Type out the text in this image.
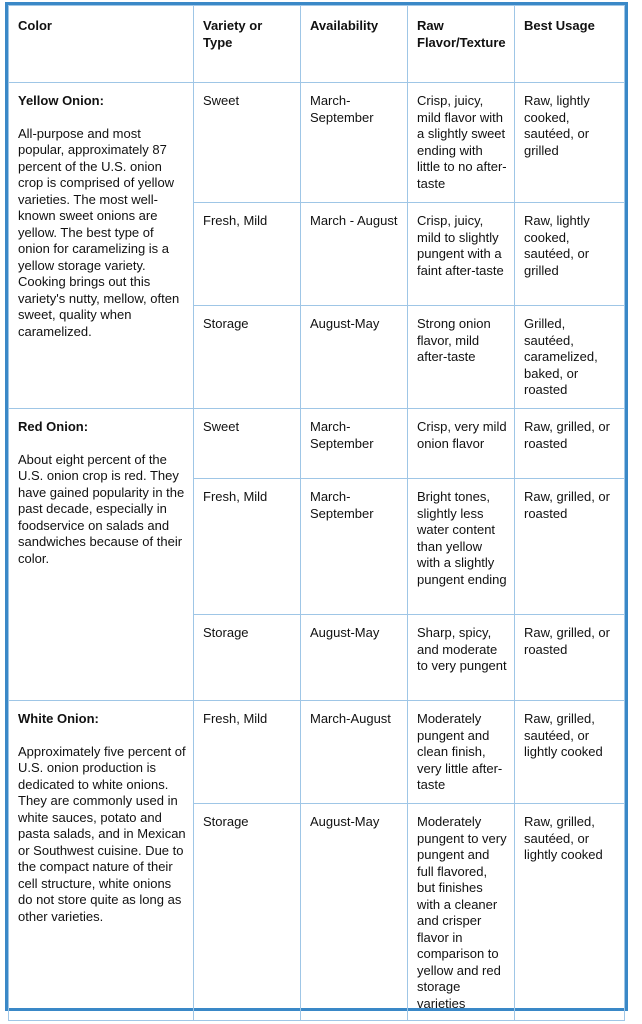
Color	Variety or Type	Availability	Raw Flavor/Texture	Best Usage

Yellow Onion:
All-purpose and most popular, approximately 87 percent of the U.S. onion crop is comprised of yellow varieties. The most well-known sweet onions are yellow. The best type of onion for caramelizing is a yellow storage variety. Cooking brings out this variety's nutty, mellow, often sweet, quality when caramelized.	Sweet	March-September	Crisp, juicy, mild flavor with a slightly sweet ending with little to no after-taste	Raw, lightly cooked, sautéed, or grilled
	Fresh, Mild	March - August	Crisp, juicy, mild to slightly pungent with a faint after-taste	Raw, lightly cooked, sautéed, or grilled
	Storage	August-May	Strong onion flavor, mild after-taste	Grilled, sautéed, caramelized, baked, or roasted

Red Onion:
About eight percent of the U.S. onion crop is red. They have gained popularity in the past decade, especially in foodservice on salads and sandwiches because of their color.	Sweet	March-September	Crisp, very mild onion flavor	Raw, grilled, or roasted
	Fresh, Mild	March-September	Bright tones, slightly less water content than yellow with a slightly pungent ending	Raw, grilled, or roasted
	Storage	August-May	Sharp, spicy, and moderate to very pungent	Raw, grilled, or roasted

White Onion:
Approximately five percent of U.S. onion production is dedicated to white onions. They are commonly used in white sauces, potato and pasta salads, and in Mexican or Southwest cuisine. Due to the compact nature of their cell structure, white onions do not store quite as long as other varieties.	Fresh, Mild	March-August	Moderately pungent and clean finish, very little after-taste	Raw, grilled, sautéed, or lightly cooked
	Storage	August-May	Moderately pungent to very pungent and full flavored, but finishes with a cleaner and crisper flavor in comparison to yellow and red storage varieties	Raw, grilled, sautéed, or lightly cooked
